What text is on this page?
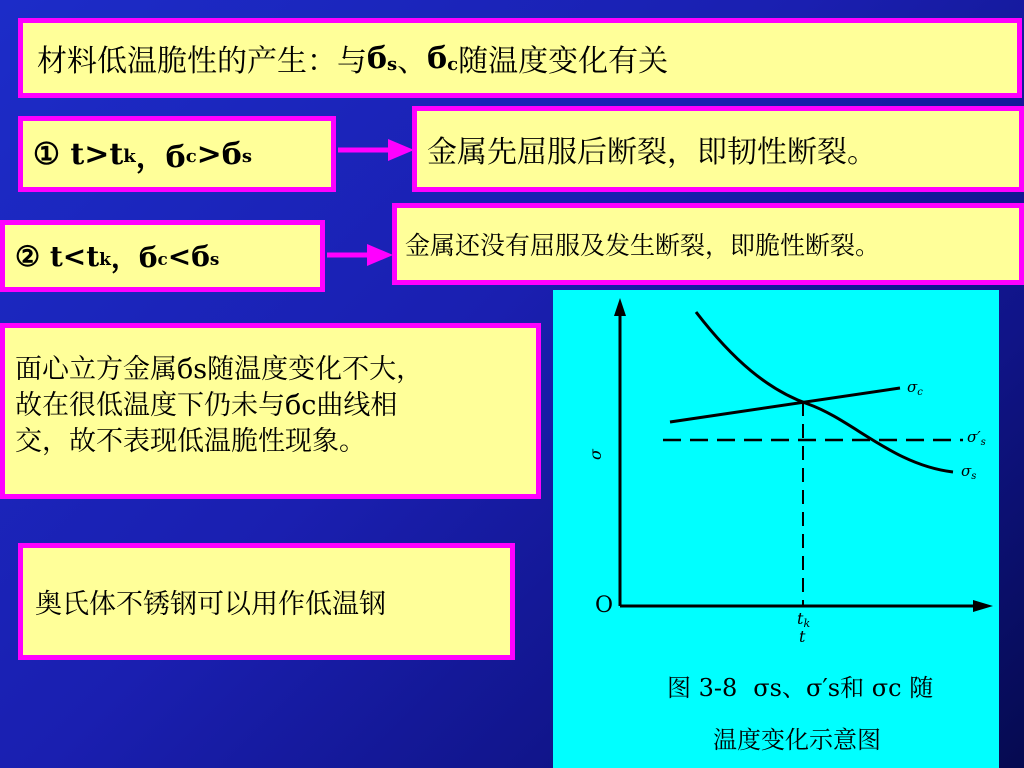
材料低温脆性的产生：与 $б_s$ 、 $б_c$ 随温度变化有关
① $t>t_k$ ，$б_c >б_s$	金属先屈服后断裂，即韧性断裂。
② $t<t_k$ ，$б_c <б_s$	金属还没有屈服及发生断裂，即脆性断裂。
面心立方金属бs随温度变化不大，
故在很低温度下仍未与бc曲线相
交，故不表现低温脆性现象。
奥氏体不锈钢可以用作低温钢
σ
O
tk
t
$\sigma_c$
$\sigma'_s$
$\sigma_s$
图 3-8 σs、σ′s和 σc 随
温度变化示意图
